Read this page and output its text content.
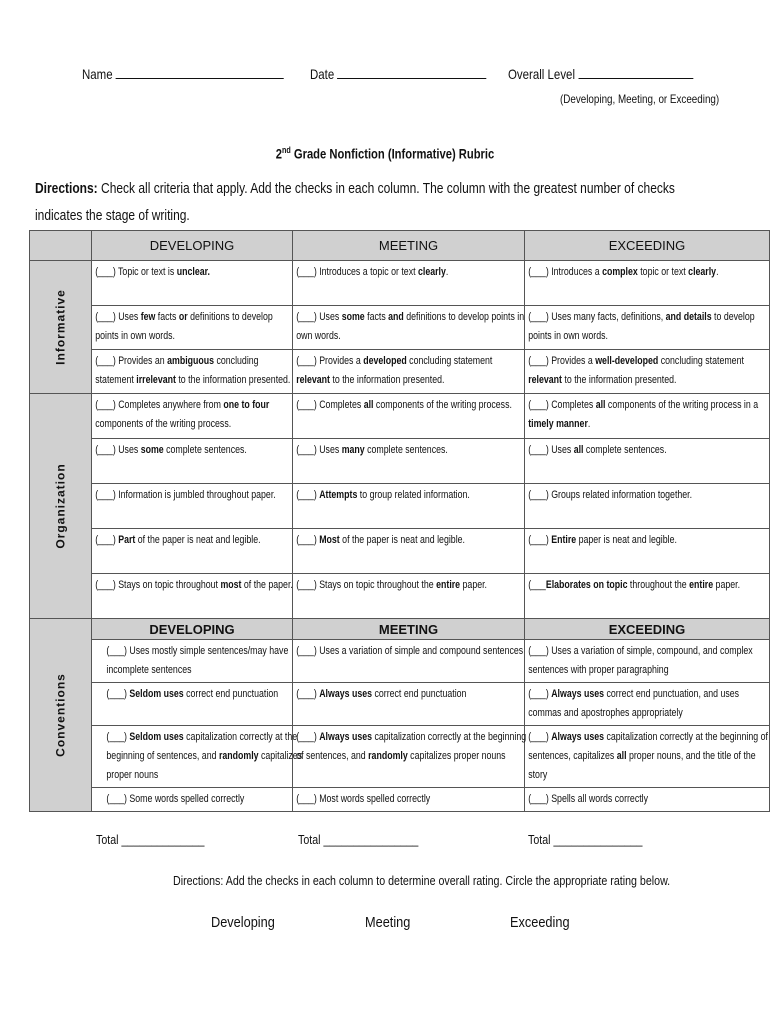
Name	Date	Overall Level
(Developing, Meeting, or Exceeding)
2nd Grade Nonfiction (Informative) Rubric
Directions: Check all criteria that apply. Add the checks in each column. The column with the greatest number of checks indicates the stage of writing.
	DEVELOPING	MEETING	EXCEEDING

Informative	(___) Topic or text is unclear.	(___) Introduces a topic or text clearly.	(___) Introduces a complex topic or text clearly.

	(___) Uses few facts or definitions to develop points in own words.	(___) Uses some facts and definitions to develop points in own words.	(___) Uses many facts, definitions, and details to develop points in own words.

	(___) Provides an ambiguous concluding statement irrelevant to the information presented.	(___) Provides a developed concluding statement relevant to the information presented.	(___) Provides a well-developed concluding statement relevant to the information presented.

Organization	(___) Completes anywhere from one to four components of the writing process.	(___) Completes all components of the writing process.	(___) Completes all components of the writing process in a timely manner.

	(___) Uses some complete sentences.	(___) Uses many complete sentences.	(___) Uses all complete sentences.

	(___) Information is jumbled throughout paper.	(___) Attempts to group related information.	(___) Groups related information together.

	(___) Part of the paper is neat and legible.	(___) Most of the paper is neat and legible.	(___) Entire paper is neat and legible.

	(___) Stays on topic throughout most of the paper.	(___) Stays on topic throughout the entire paper.	(___Elaborates on topic throughout the entire paper.

Conventions	DEVELOPING	MEETING	EXCEEDING

	(___) Uses mostly simple sentences/may have incomplete sentences	(___) Uses a variation of simple and compound sentences	(___) Uses a variation of simple, compound, and complex sentences with proper paragraphing

	(___) Seldom uses correct end punctuation	(___) Always uses correct end punctuation	(___) Always uses correct end punctuation, and uses commas and apostrophes appropriately

	(___) Seldom uses capitalization correctly at the beginning of sentences, and randomly capitalizes proper nouns	(___) Always uses capitalization correctly at the beginning of sentences, and randomly capitalizes proper nouns	(___) Always uses capitalization correctly at the beginning of sentences, capitalizes all proper nouns, and the title of the story

	(___) Some words spelled correctly	(___) Most words spelled correctly	(___) Spells all words correctly
Total ______________	Total ________________	Total _______________
Directions: Add the checks in each column to determine overall rating. Circle the appropriate rating below.
Developing	Meeting	Exceeding
